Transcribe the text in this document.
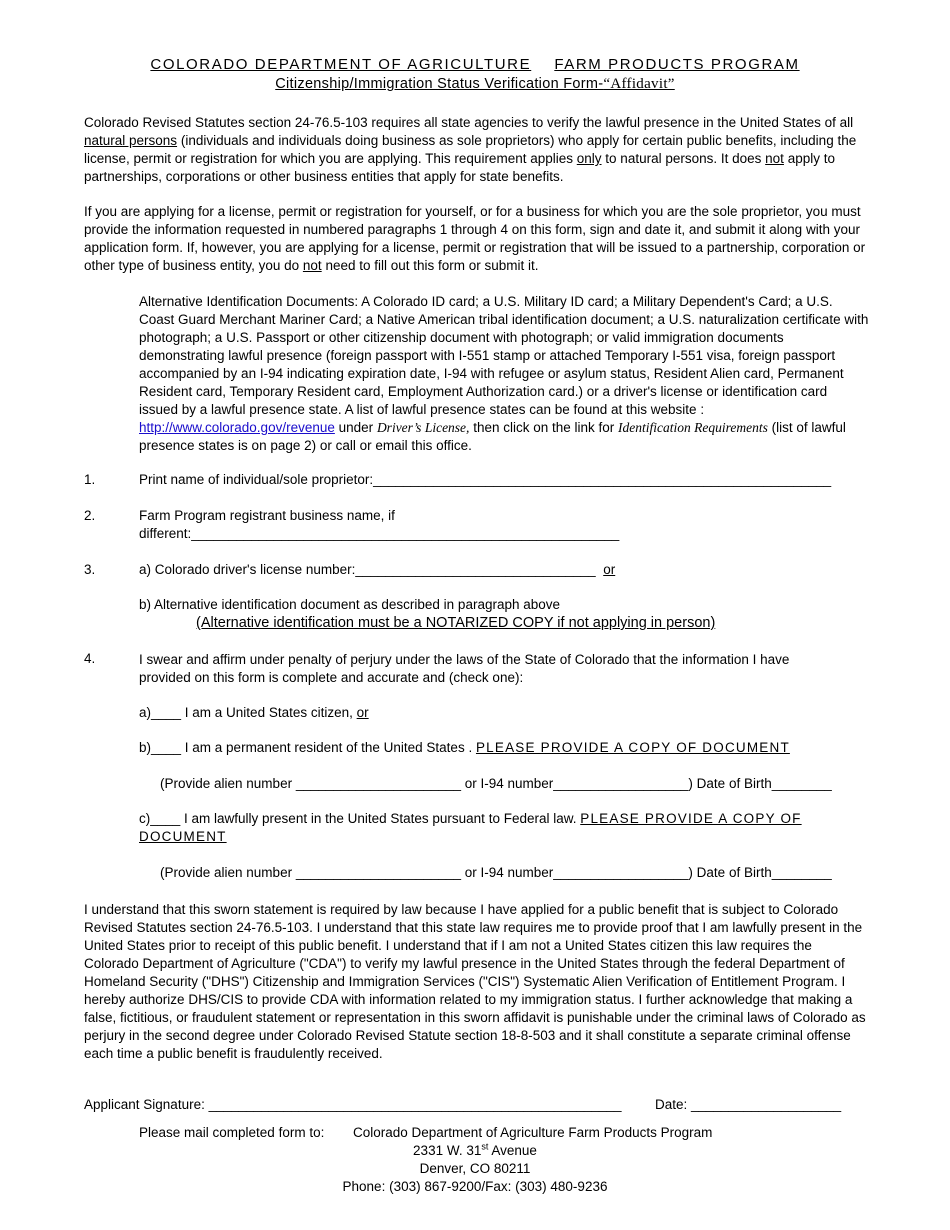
COLORADO DEPARTMENT OF AGRICULTURE FARM PRODUCTS PROGRAM
Citizenship/Immigration Status Verification Form-“Affidavit”
Colorado Revised Statutes section 24-76.5-103 requires all state agencies to verify the lawful presence in the United States of all natural persons (individuals and individuals doing business as sole proprietors) who apply for certain public benefits, including the license, permit or registration for which you are applying. This requirement applies only to natural persons. It does not apply to partnerships, corporations or other business entities that apply for state benefits.
If you are applying for a license, permit or registration for yourself, or for a business for which you are the sole proprietor, you must provide the information requested in numbered paragraphs 1 through 4 on this form, sign and date it, and submit it along with your application form. If, however, you are applying for a license, permit or registration that will be issued to a partnership, corporation or other type of business entity, you do not need to fill out this form or submit it.
Alternative Identification Documents: A Colorado ID card; a U.S. Military ID card; a Military Dependent's Card; a U.S. Coast Guard Merchant Mariner Card; a Native American tribal identification document; a U.S. naturalization certificate with photograph; a U.S. Passport or other citizenship document with photograph; or valid immigration documents demonstrating lawful presence (foreign passport with I-551 stamp or attached Temporary I-551 visa, foreign passport accompanied by an I-94 indicating expiration date, I-94 with refugee or asylum status, Resident Alien card, Permanent Resident card, Temporary Resident card, Employment Authorization card.) or a driver's license or identification card issued by a lawful presence state. A list of lawful presence states can be found at this website : http://www.colorado.gov/revenue under Driver’s License, then click on the link for Identification Requirements (list of lawful presence states is on page 2) or call or email this office.
1.	Print name of individual/sole proprietor:_____________________________________________________________
2.	Farm Program registrant business name, if
different:_________________________________________________________
3.	a) Colorado driver's license number:________________________________ or
b) Alternative identification document as described in paragraph above
(Alternative identification must be a NOTARIZED COPY if not applying in person)
4.	I swear and affirm under penalty of perjury under the laws of the State of Colorado that the information I have provided on this form is complete and accurate and (check one):
a)____ I am a United States citizen, or
b)____ I am a permanent resident of the United States . PLEASE PROVIDE A COPY OF DOCUMENT
(Provide alien number ______________________ or I-94 number__________________) Date of Birth________
c)____ I am lawfully present in the United States pursuant to Federal law. PLEASE PROVIDE A COPY OF
DOCUMENT
(Provide alien number ______________________ or I-94 number__________________) Date of Birth________
I understand that this sworn statement is required by law because I have applied for a public benefit that is subject to Colorado Revised Statutes section 24-76.5-103. I understand that this state law requires me to provide proof that I am lawfully present in the United States prior to receipt of this public benefit. I understand that if I am not a United States citizen this law requires the Colorado Department of Agriculture ("CDA") to verify my lawful presence in the United States through the federal Department of Homeland Security ("DHS") Citizenship and Immigration Services ("CIS") Systematic Alien Verification of Entitlement Program. I hereby authorize DHS/CIS to provide CDA with information related to my immigration status. I further acknowledge that making a false, fictitious, or fraudulent statement or representation in this sworn affidavit is punishable under the criminal laws of Colorado as perjury in the second degree under Colorado Revised Statute section 18-8-503 and it shall constitute a separate criminal offense each time a public benefit is fraudulently received.
Applicant Signature: _______________________________________________________ Date: ____________________
Please mail completed form to: Colorado Department of Agriculture Farm Products Program
2331 W. 31st Avenue
Denver, CO 80211
Phone: (303) 867-9200/Fax: (303) 480-9236
